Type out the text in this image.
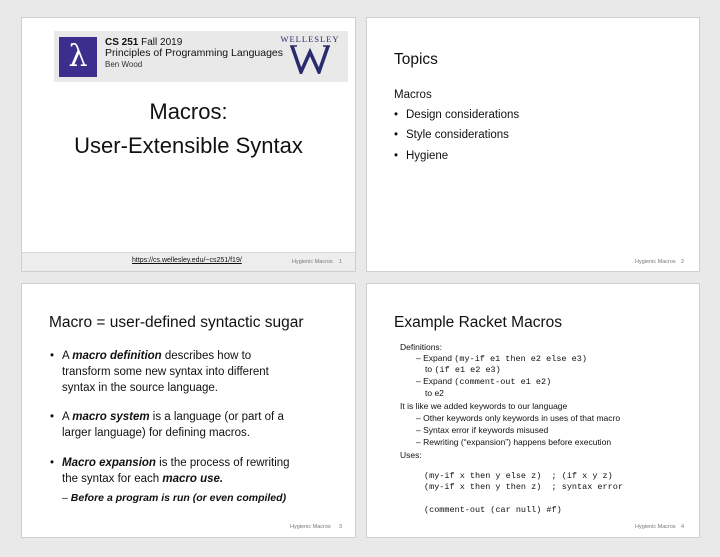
λ	CS 251 Fall 2019
Principles of Programming Languages
Ben Wood
WELLESLEY
Macros:
User-Extensible Syntax
https://cs.wellesley.edu/~cs251/f19/	Hygienic Macros 1
Topics
Macros
• Design considerations
• Style considerations
• Hygiene
Hygienic Macros 2
Macro = user-defined syntactic sugar
• A macro definition describes how to
transform some new syntax into different
syntax in the source language.
• A macro system is a language (or part of a
larger language) for defining macros.
• Macro expansion is the process of rewriting
the syntax for each macro use.
– Before a program is run (or even compiled)
Hygienic Macros 3
Example Racket Macros
Definitions:
– Expand (my-if e1 then e2 else e3)
to (if e1 e2 e3)
– Expand (comment-out e1 e2)
to e2
It is like we added keywords to our language
– Other keywords only keywords in uses of that macro
– Syntax error if keywords misused
– Rewriting (“expansion”) happens before execution
Uses:
(my-if x then y else z)  ; (if x y z)
(my-if x then y then z)  ; syntax error
(comment-out (car null) #f)
Hygienic Macros 4
